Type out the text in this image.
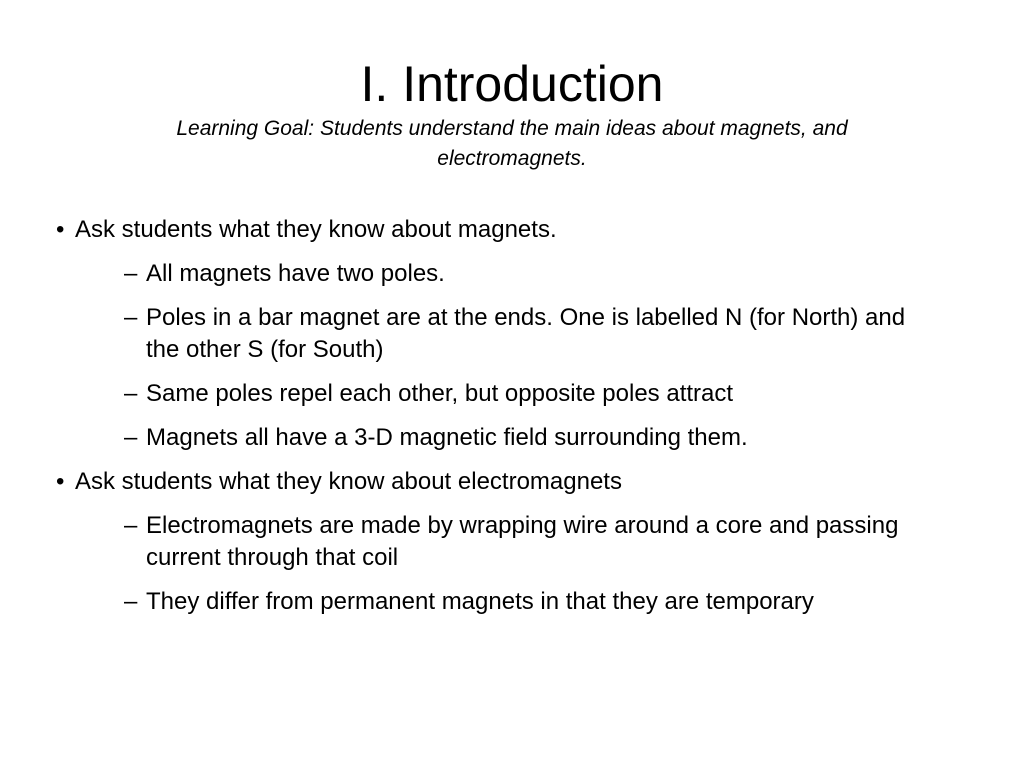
I. Introduction
Learning Goal: Students understand the main ideas about magnets, and electromagnets.
• Ask students what they know about magnets.
– All magnets have two poles.
– Poles in a bar magnet are at the ends. One is labelled N (for North) and the other S (for South)
– Same poles repel each other, but opposite poles attract
– Magnets all have a 3-D magnetic field surrounding them.
• Ask students what they know about electromagnets
– Electromagnets are made by wrapping wire around a core and passing current through that coil
– They differ from permanent magnets in that they are temporary
